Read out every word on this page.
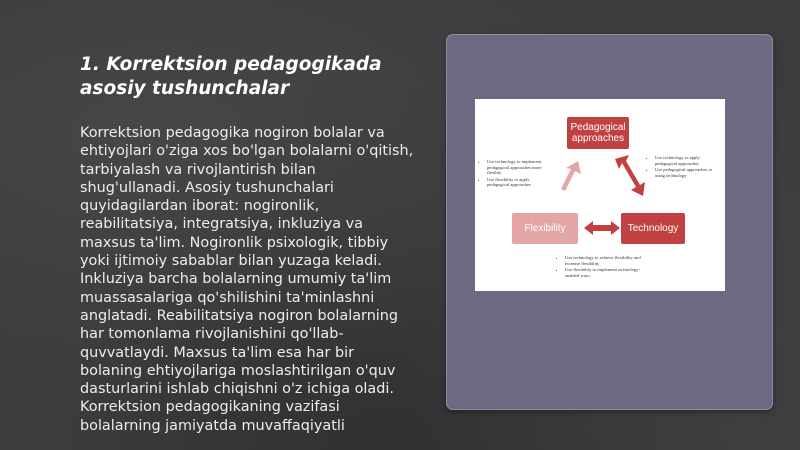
1. Korrektsion pedagogikada asosiy tushunchalar

Korrektsion pedagogika nogiron bolalar va ehtiyojlari o'ziga xos bo'lgan bolalarni o'qitish, tarbiyalash va rivojlantirish bilan shug'ullanadi. Asosiy tushunchalari quyidagilardan iborat: nogironlik, reabilitatsiya, integratsiya, inkluziya va maxsus ta'lim. Nogironlik psixologik, tibbiy yoki ijtimoiy sabablar bilan yuzaga keladi. Inkluziya barcha bolalarning umumiy ta'lim muassasalariga qo'shilishini ta'minlashni anglatadi. Reabilitatsiya nogiron bolalarning har tomonlama rivojlanishini qo'llab-quvvatlaydi. Maxsus ta'lim esa har bir bolaning ehtiyojlariga moslashtirilgan o'quv dasturlarini ishlab chiqishni o'z ichiga oladi. Korrektsion pedagogikaning vazifasi bolalarning jamiyatda muvaffaqiyatli

Pedagogical approaches
Flexibility	Technology
• Use technology to implement pedagogical approaches more flexibly
• Use flexibility to apply pedagogical approaches
• Use technology to apply pedagogical approaches
• Use pedagogical approaches to using technology
• Use technology to achieve flexibility and increase flexibility
• Use flexibility to implement technology-enabled ways
